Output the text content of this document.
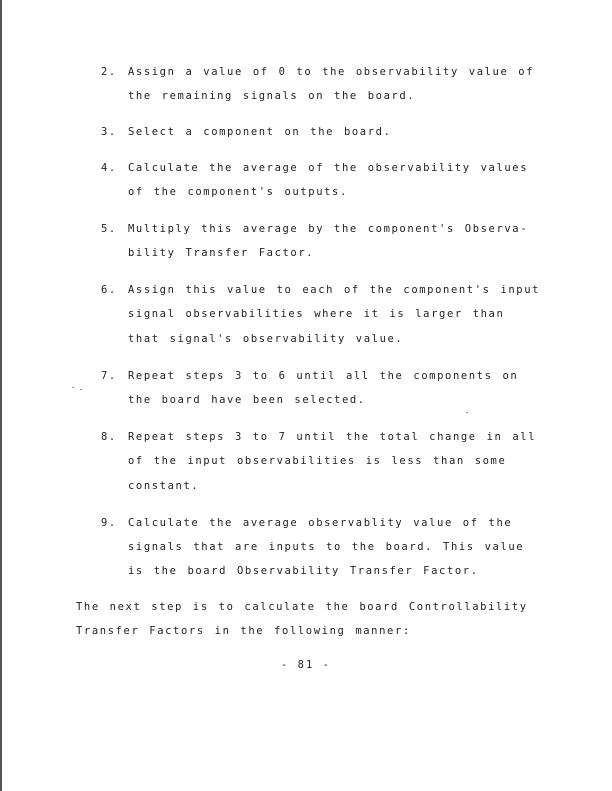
2. Assign a value of 0 to the observability value of
the remaining signals on the board.
3. Select a component on the board.
4. Calculate the average of the observability values
of the component's outputs.
5. Multiply this average by the component's Observa-
bility Transfer Factor.
6. Assign this value to each of the component's input
signal observabilities where it is larger than
that signal's observability value.
7. Repeat steps 3 to 6 until all the components on
the board have been selected.
8. Repeat steps 3 to 7 until the total change in all
of the input observabilities is less than some
constant.
9. Calculate the average observablity value of the
signals that are inputs to the board. This value
is the board Observability Transfer Factor.
The next step is to calculate the board Controllability
Transfer Factors in the following manner:
- 81 -
